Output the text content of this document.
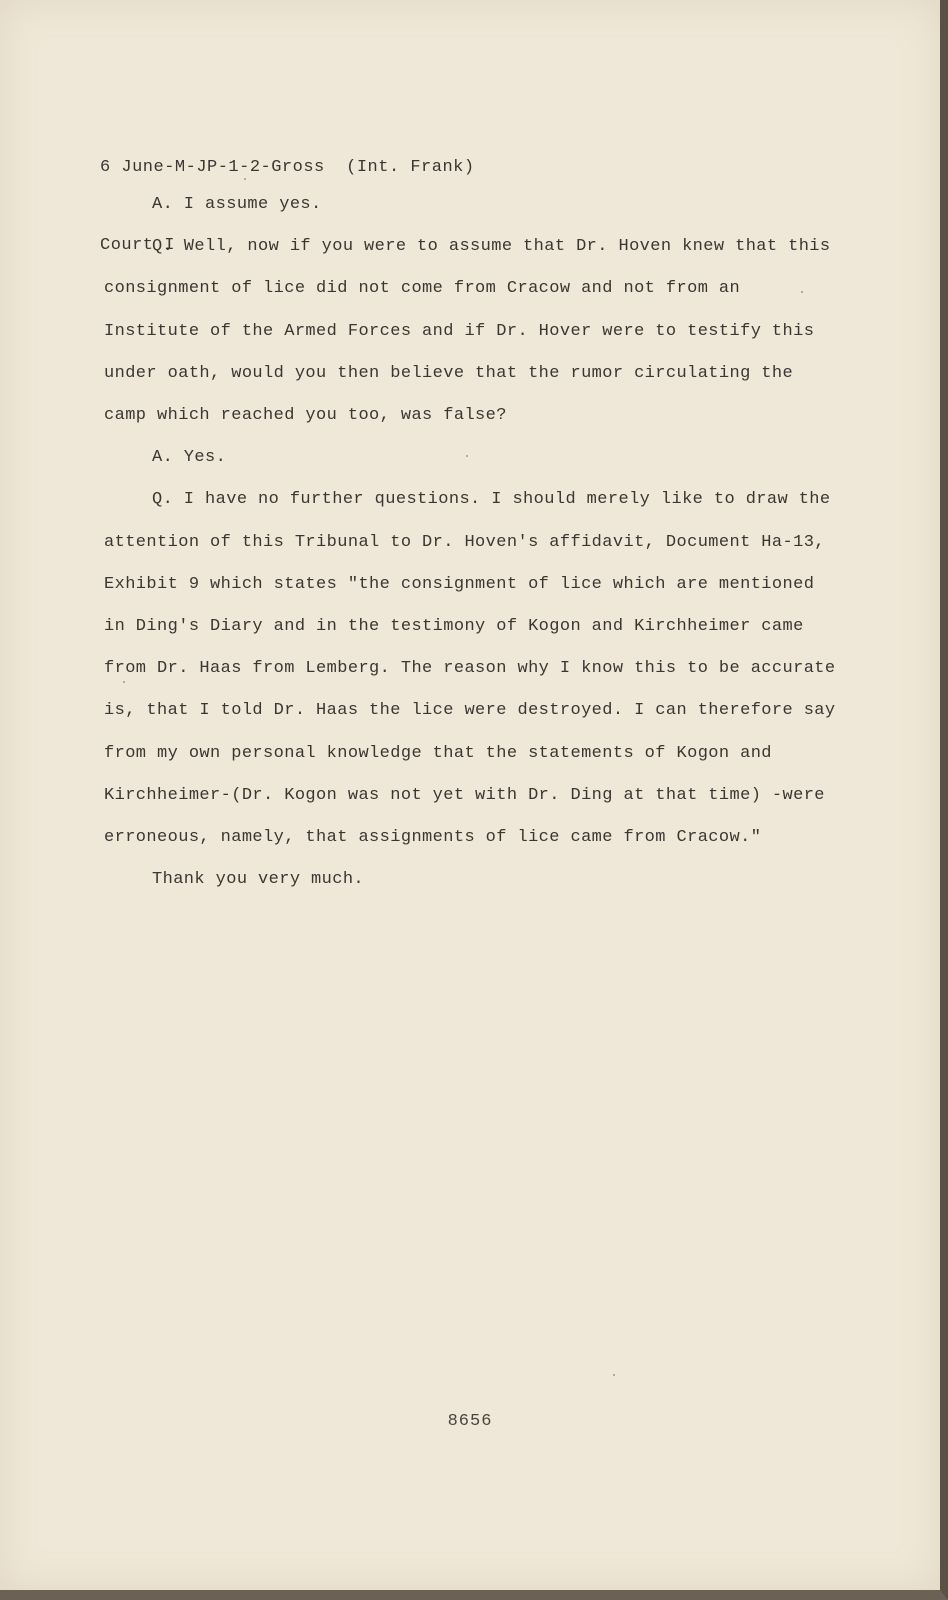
6 June-M-JP-1-2-Gross  (Int. Frank)

Court I

A. I assume yes.

Q. Well, now if you were to assume that Dr. Hoven knew that this consignment of lice did not come from Cracow and not from an Institute of the Armed Forces and if Dr. Hover were to testify this under oath, would you then believe that the rumor circulating the camp which reached you too, was false?

A. Yes.

Q. I have no further questions. I should merely like to draw the attention of this Tribunal to Dr. Hoven's affidavit, Document Ha-13, Exhibit 9 which states "the consignment of lice which are mentioned in Ding's Diary and in the testimony of Kogon and Kirchheimer came from Dr. Haas from Lemberg. The reason why I know this to be accurate is, that I told Dr. Haas the lice were destroyed. I can therefore say from my own personal knowledge that the statements of Kogon and Kirchheimer-(Dr. Kogon was not yet with Dr. Ding at that time) -were erroneous, namely, that assignments of lice came from Cracow."

Thank you very much.

8656
